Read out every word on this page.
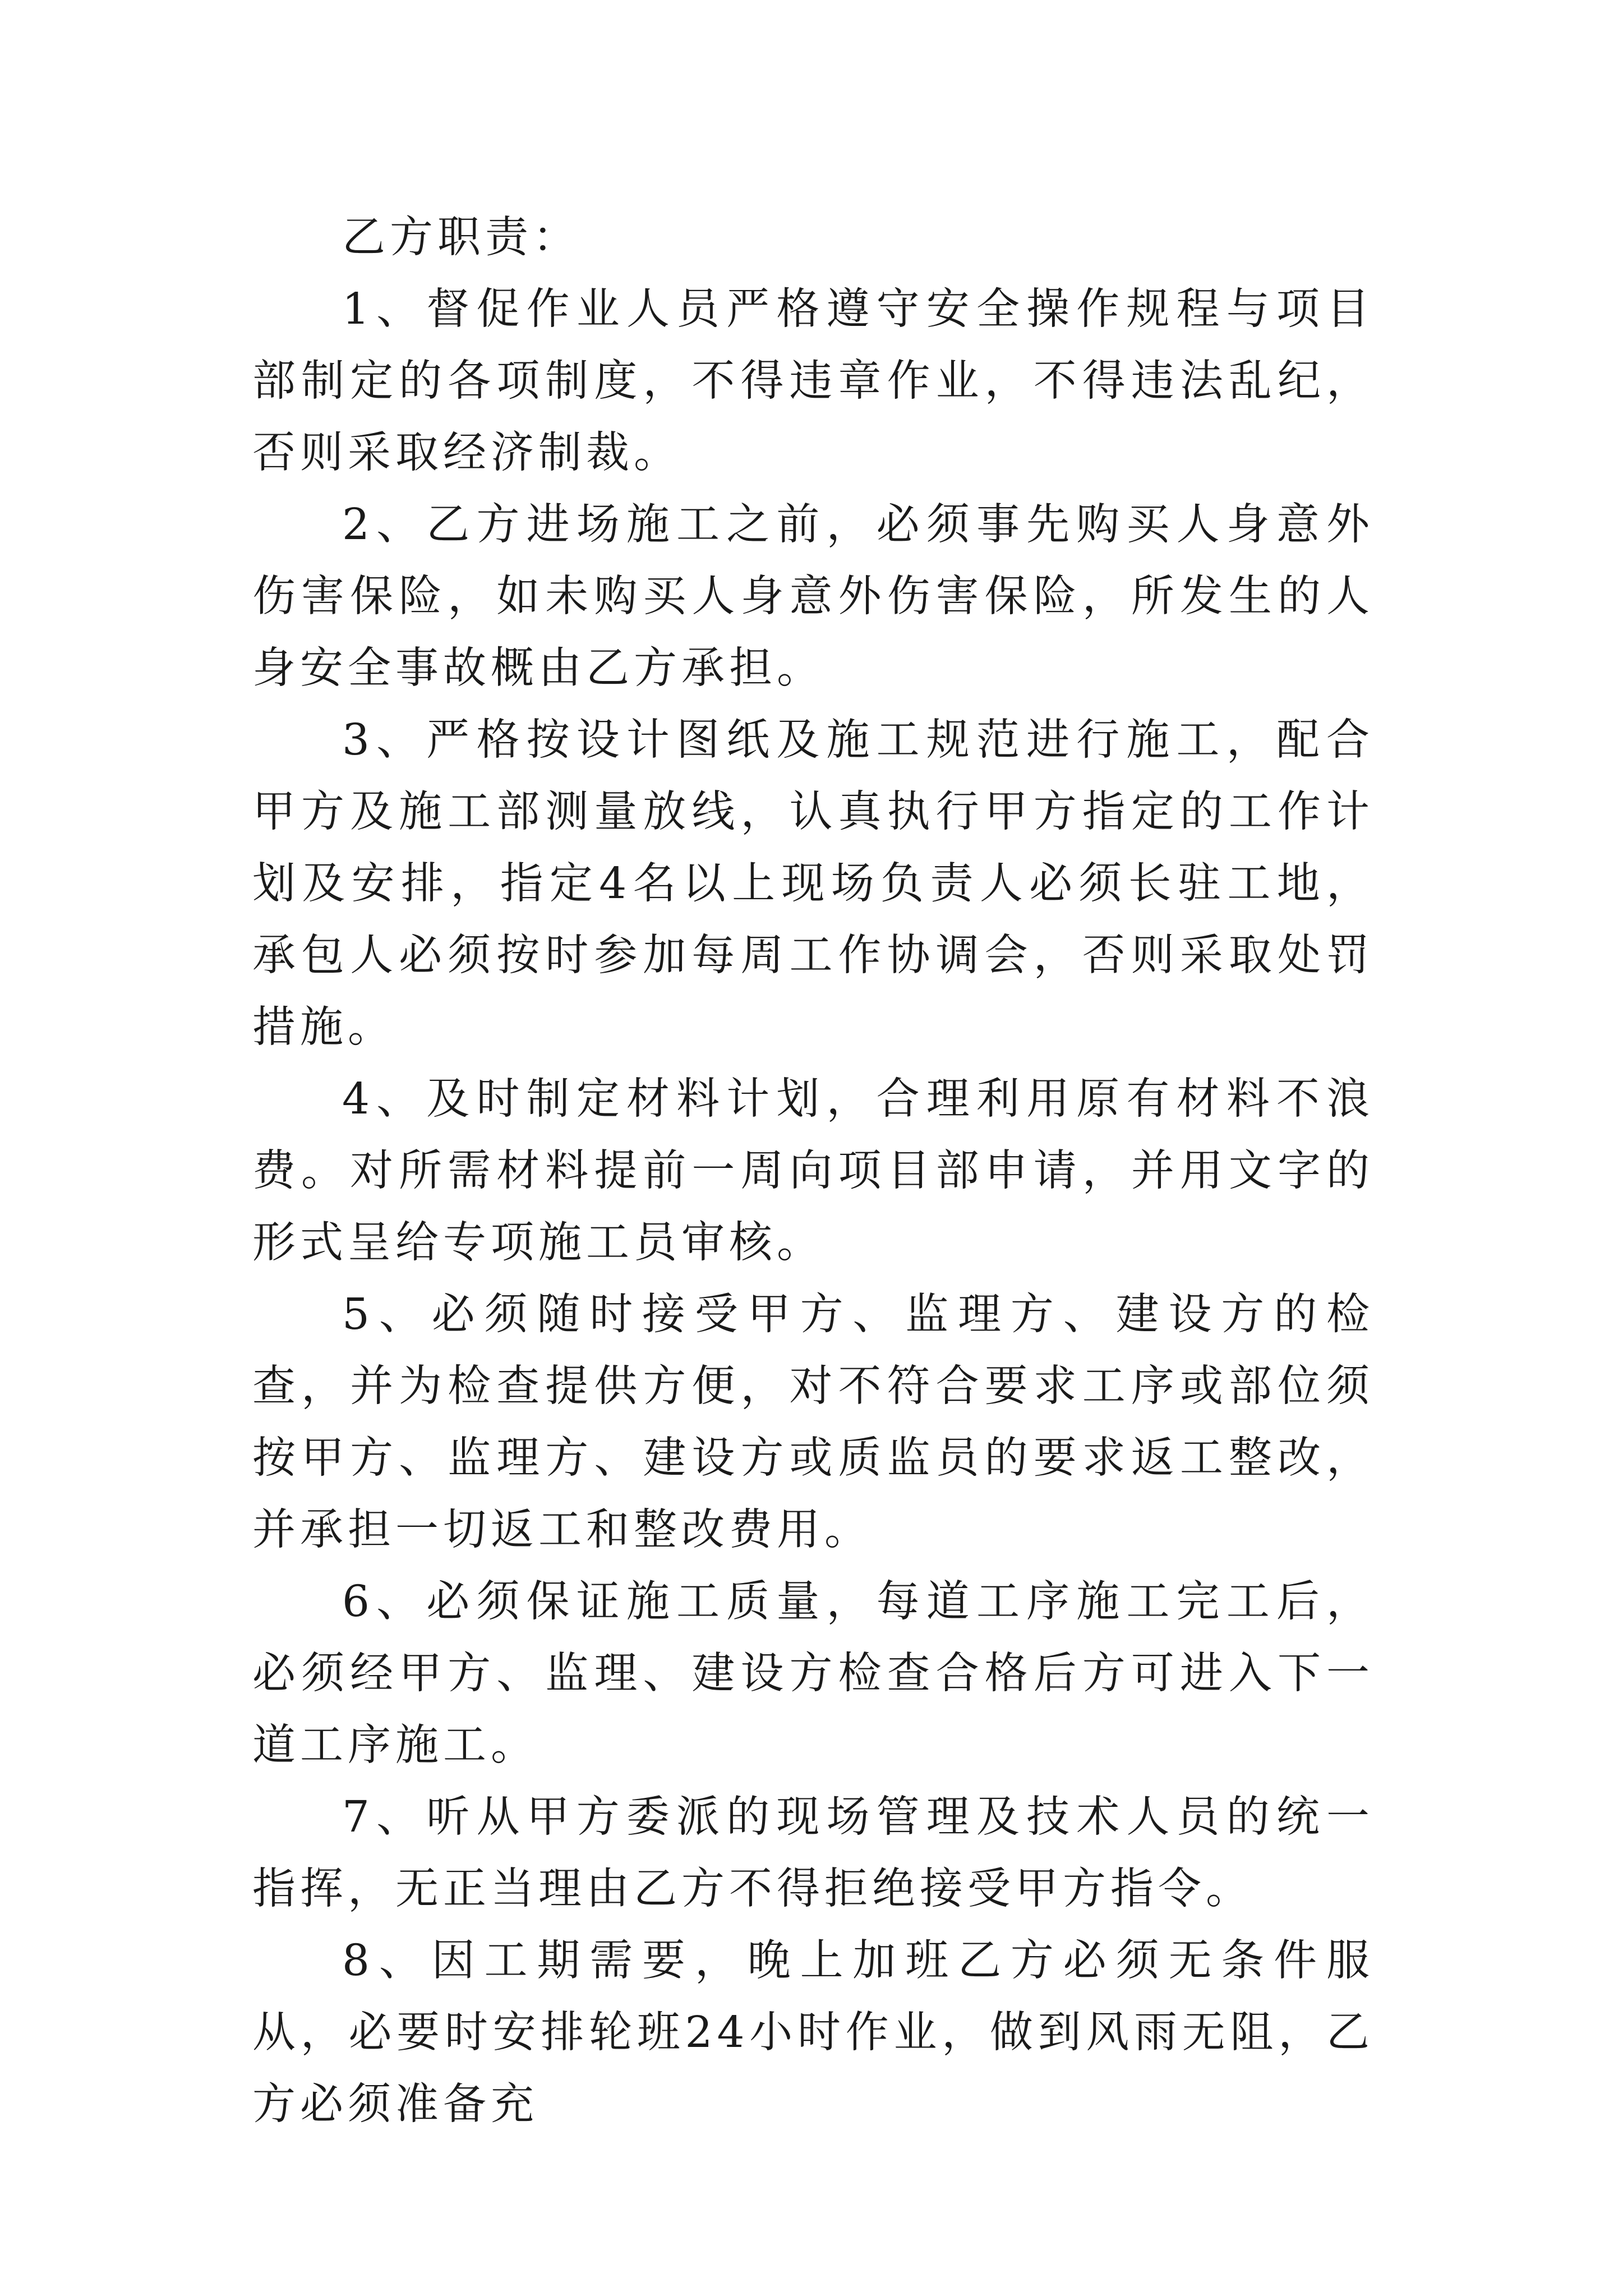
乙方职责：

1、督促作业人员严格遵守安全操作规程与项目部制定的各项制度，不得违章作业，不得违法乱纪，否则采取经济制裁。

2、乙方进场施工之前，必须事先购买人身意外伤害保险，如未购买人身意外伤害保险，所发生的人身安全事故概由乙方承担。

3、严格按设计图纸及施工规范进行施工，配合甲方及施工部测量放线，认真执行甲方指定的工作计划及安排，指定4名以上现场负责人必须长驻工地，承包人必须按时参加每周工作协调会，否则采取处罚措施。

4、及时制定材料计划，合理利用原有材料不浪费。对所需材料提前一周向项目部申请，并用文字的形式呈给专项施工员审核。

5、必须随时接受甲方、监理方、建设方的检查，并为检查提供方便，对不符合要求工序或部位须按甲方、监理方、建设方或质监员的要求返工整改，并承担一切返工和整改费用。

6、必须保证施工质量，每道工序施工完工后，必须经甲方、监理、建设方检查合格后方可进入下一道工序施工。

7、听从甲方委派的现场管理及技术人员的统一指挥，无正当理由乙方不得拒绝接受甲方指令。

8、因工期需要，晚上加班乙方必须无条件服从，必要时安排轮班24小时作业，做到风雨无阻，乙方必须准备充
